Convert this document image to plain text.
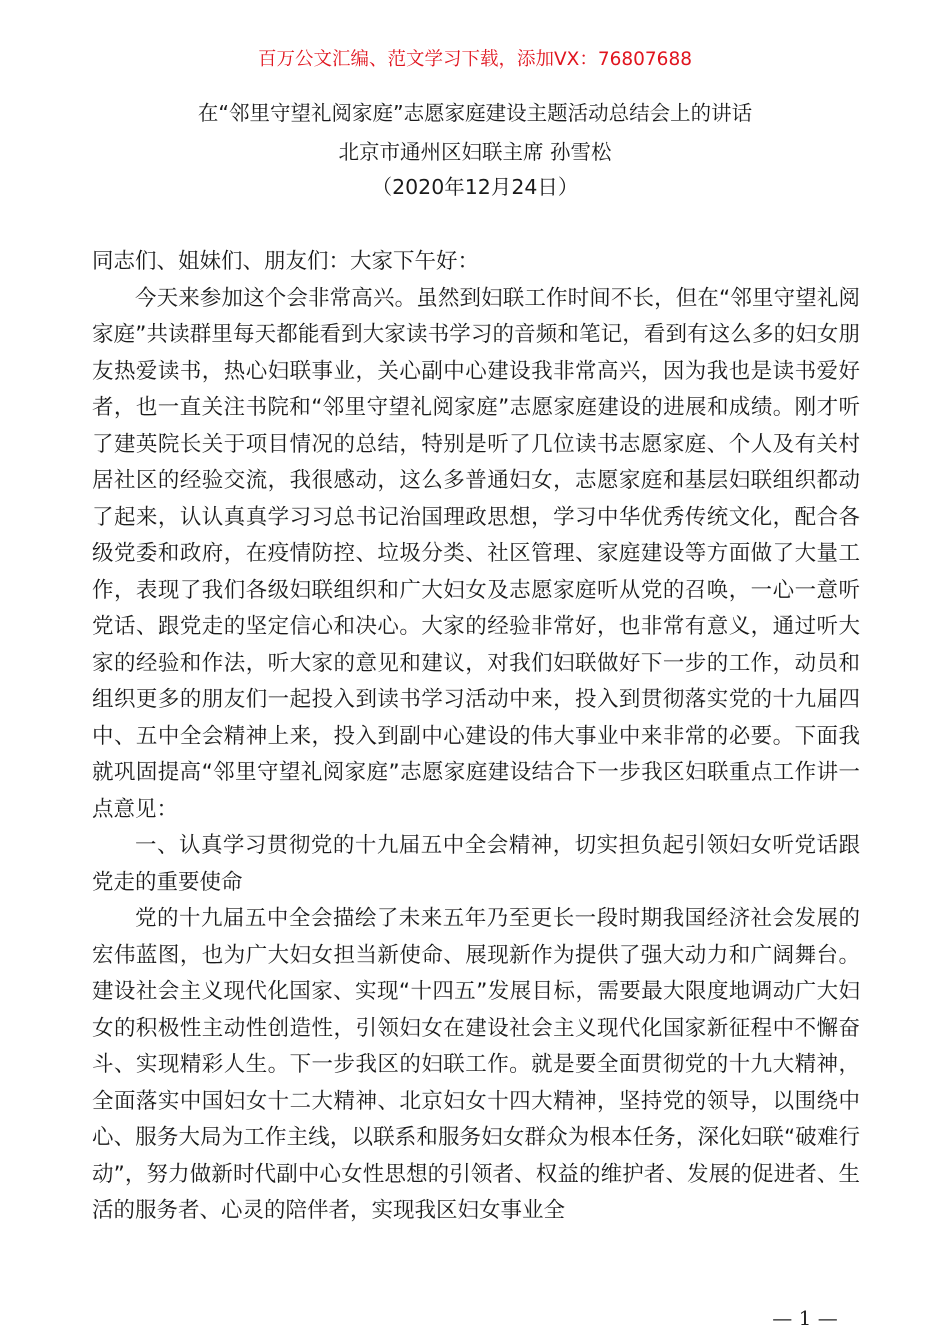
百万公文汇编、范文学习下载，添加VX：76807688
在“邻里守望礼阅家庭”志愿家庭建设主题活动总结会上的讲话
北京市通州区妇联主席 孙雪松
（2020年12月24日）

同志们、姐妹们、朋友们：大家下午好：

今天来参加这个会非常高兴。虽然到妇联工作时间不长，但在“邻里守望礼阅家庭”共读群里每天都能看到大家读书学习的音频和笔记，看到有这么多的妇女朋友热爱读书，热心妇联事业，关心副中心建设我非常高兴，因为我也是读书爱好者，也一直关注书院和“邻里守望礼阅家庭”志愿家庭建设的进展和成绩。刚才听了建英院长关于项目情况的总结，特别是听了几位读书志愿家庭、个人及有关村居社区的经验交流，我很感动，这么多普通妇女，志愿家庭和基层妇联组织都动了起来，认认真真学习习总书记治国理政思想，学习中华优秀传统文化，配合各级党委和政府，在疫情防控、垃圾分类、社区管理、家庭建设等方面做了大量工作，表现了我们各级妇联组织和广大妇女及志愿家庭听从党的召唤，一心一意听党话、跟党走的坚定信心和决心。大家的经验非常好，也非常有意义，通过听大家的经验和作法，听大家的意见和建议，对我们妇联做好下一步的工作，动员和组织更多的朋友们一起投入到读书学习活动中来，投入到贯彻落实党的十九届四中、五中全会精神上来，投入到副中心建设的伟大事业中来非常的必要。下面我就巩固提高“邻里守望礼阅家庭”志愿家庭建设结合下一步我区妇联重点工作讲一点意见：

一、认真学习贯彻党的十九届五中全会精神，切实担负起引领妇女听党话跟党走的重要使命

党的十九届五中全会描绘了未来五年乃至更长一段时期我国经济社会发展的宏伟蓝图，也为广大妇女担当新使命、展现新作为提供了强大动力和广阔舞台。建设社会主义现代化国家、实现“十四五”发展目标，需要最大限度地调动广大妇女的积极性主动性创造性，引领妇女在建设社会主义现代化国家新征程中不懈奋斗、实现精彩人生。下一步我区的妇联工作。就是要全面贯彻党的十九大精神，全面落实中国妇女十二大精神、北京妇女十四大精神，坚持党的领导，以围绕中心、服务大局为工作主线，以联系和服务妇女群众为根本任务，深化妇联“破难行动”，努力做新时代副中心女性思想的引领者、权益的维护者、发展的促进者、生活的服务者、心灵的陪伴者，实现我区妇女事业全

— 1 —
